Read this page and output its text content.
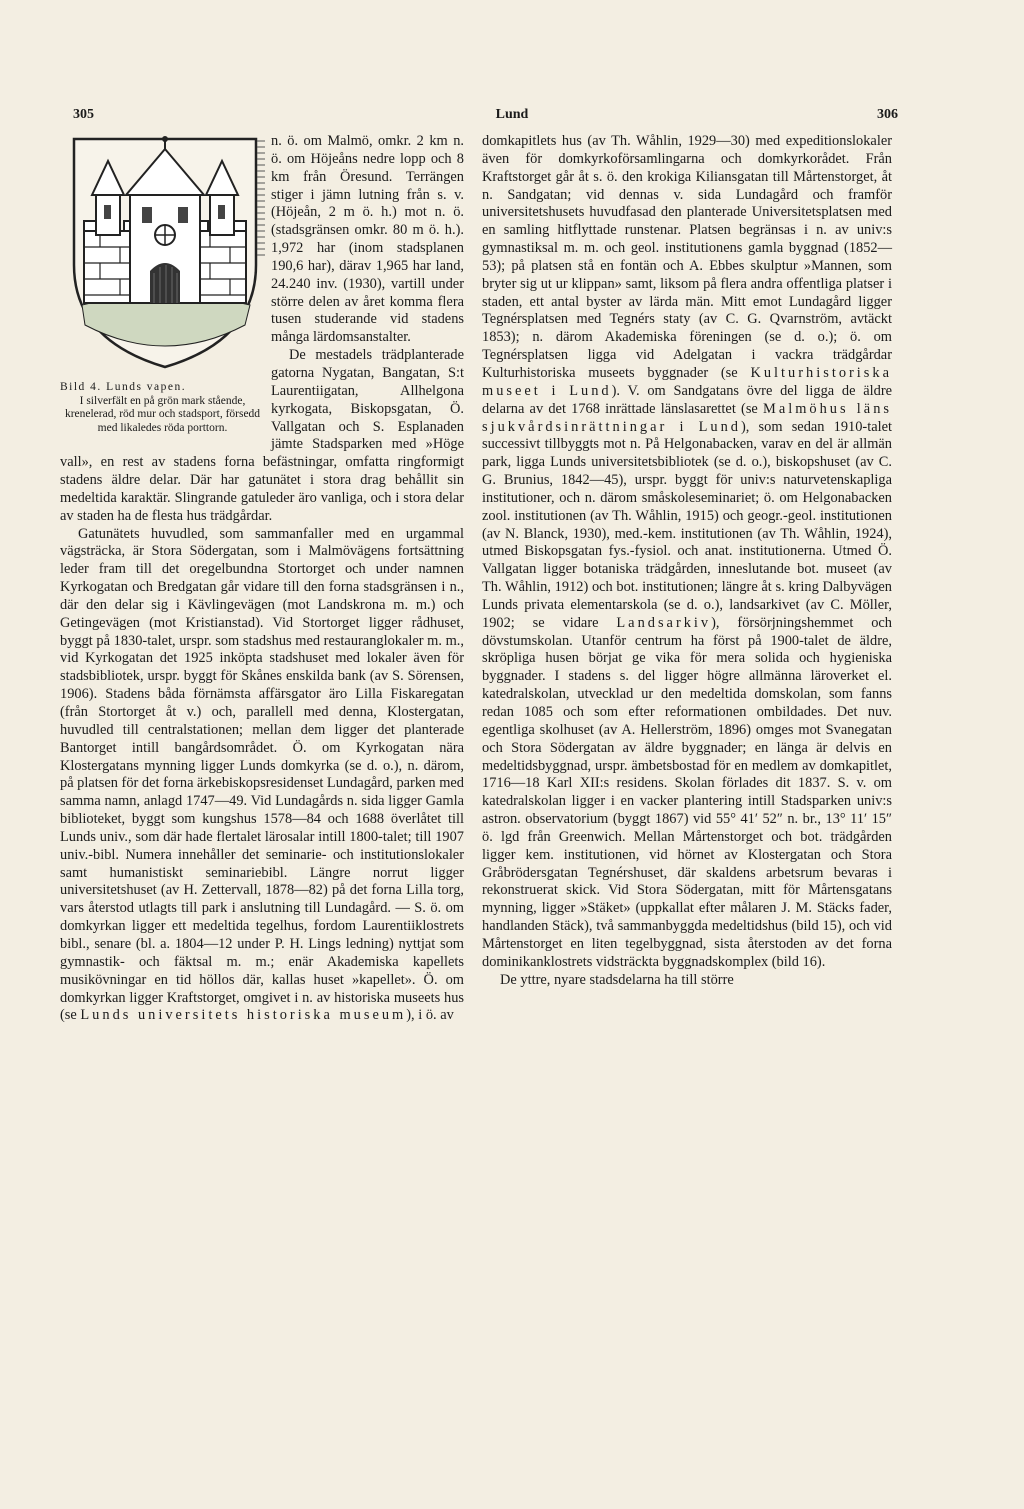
305	Lund	306
Bild 4. Lunds vapen.
I silverfält en på grön mark stående, krenelerad, röd mur och stadsport, försedd med likaledes röda porttorn.

n. ö. om Malmö, omkr. 2 km n. ö. om Höjeåns nedre lopp och 8 km från Öresund. Terrängen stiger i jämn lutning från s. v. (Höjeån, 2 m ö. h.) mot n. ö. (stadsgränsen omkr. 80 m ö. h.). 1,972 har (inom stadsplanen 190,6 har), därav 1,965 har land, 24.240 inv. (1930), vartill under större delen av året komma flera tusen studerande vid stadens många lärdomsanstalter.

De mestadels trädplanterade gatorna Nygatan, Bangatan, S:t Laurentiigatan, Allhelgona kyrkogata, Biskopsgatan, Ö. Vallgatan och S. Esplanaden jämte Stadsparken med »Höge vall», en rest av stadens forna befästningar, omfatta ringformigt stadens äldre delar. Där har gatunätet i stora drag behållit sin medeltida karaktär. Slingrande gatuleder äro vanliga, och i stora delar av staden ha de flesta hus trädgårdar.

Gatunätets huvudled, som sammanfaller med en urgammal vägsträcka, är Stora Södergatan, som i Malmövägens fortsättning leder fram till det oregelbundna Stortorget och under namnen Kyrkogatan och Bredgatan går vidare till den forna stadsgränsen i n., där den delar sig i Kävlingevägen (mot Landskrona m. m.) och Getingevägen (mot Kristianstad). Vid Stortorget ligger rådhuset, byggt på 1830-talet, urspr. som stadshus med restauranglokaler m. m., vid Kyrkogatan det 1925 inköpta stadshuset med lokaler även för stadsbibliotek, urspr. byggt för Skånes enskilda bank (av S. Sörensen, 1906). Stadens båda förnämsta affärsgator äro Lilla Fiskaregatan (från Stortorget åt v.) och, parallell med denna, Klostergatan, huvudled till centralstationen; mellan dem ligger det planterade Bantorget intill bangårdsområdet. Ö. om Kyrkogatan nära Klostergatans mynning ligger Lunds domkyrka (se d. o.), n. därom, på platsen för det forna ärkebiskopsresidenset Lundagård, parken med samma namn, anlagd 1747—49. Vid Lundagårds n. sida ligger Gamla biblioteket, byggt som kungshus 1578—84 och 1688 överlåtet till Lunds univ., som där hade flertalet lärosalar intill 1800-talet; till 1907 univ.-bibl. Numera innehåller det seminarie- och institutionslokaler samt humanistiskt seminariebibl. Längre norrut ligger universitetshuset (av H. Zettervall, 1878—82) på det forna Lilla torg, vars återstod utlagts till park i anslutning till Lundagård. — S. ö. om domkyrkan ligger ett medeltida tegelhus, fordom Laurentiiklostrets bibl., senare (bl. a. 1804—12 under P. H. Lings ledning) nyttjat som gymnastik- och fäktsal m. m.; enär Akademiska kapellets musikövningar en tid höllos där, kallas huset »kapellet». Ö. om domkyrkan ligger Kraftstorget, omgivet i n. av historiska museets hus (se Lunds universitets historiska museum), i ö. av

domkapitlets hus (av Th. Wåhlin, 1929—30) med expeditionslokaler även för domkyrkoförsamlingarna och domkyrkorådet. Från Kraftstorget går åt s. ö. den krokiga Kiliansgatan till Mårtenstorget, åt n. Sandgatan; vid dennas v. sida Lundagård och framför universitetshusets huvudfasad den planterade Universitetsplatsen med en samling hitflyttade runstenar. Platsen begränsas i n. av univ:s gymnastiksal m. m. och geol. institutionens gamla byggnad (1852—53); på platsen stå en fontän och A. Ebbes skulptur »Mannen, som bryter sig ut ur klippan» samt, liksom på flera andra offentliga platser i staden, ett antal byster av lärda män. Mitt emot Lundagård ligger Tegnérsplatsen med Tegnérs staty (av C. G. Qvarnström, avtäckt 1853); n. därom Akademiska föreningen (se d. o.); ö. om Tegnérsplatsen ligga vid Adelgatan i vackra trädgårdar Kulturhistoriska museets byggnader (se Kulturhistoriska museet i Lund). V. om Sandgatans övre del ligga de äldre delarna av det 1768 inrättade länslasarettet (se Malmöhus läns sjukvårdsinrättningar i Lund), som sedan 1910-talet successivt tillbyggts mot n. På Helgonabacken, varav en del är allmän park, ligga Lunds universitetsbibliotek (se d. o.), biskopshuset (av C. G. Brunius, 1842—45), urspr. byggt för univ:s naturvetenskapliga institutioner, och n. därom småskoleseminariet; ö. om Helgonabacken zool. institutionen (av Th. Wåhlin, 1915) och geogr.-geol. institutionen (av N. Blanck, 1930), med.-kem. institutionen (av Th. Wåhlin, 1924), utmed Biskopsgatan fys.-fysiol. och anat. institutionerna. Utmed Ö. Vallgatan ligger botaniska trädgården, inneslutande bot. museet (av Th. Wåhlin, 1912) och bot. institutionen; längre åt s. kring Dalbyvägen Lunds privata elementarskola (se d. o.), landsarkivet (av C. Möller, 1902; se vidare Landsarkiv), försörjningshemmet och dövstumskolan. Utanför centrum ha först på 1900-talet de äldre, skröpliga husen börjat ge vika för mera solida och hygieniska byggnader. I stadens s. del ligger högre allmänna läroverket el. katedralskolan, utvecklad ur den medeltida domskolan, som fanns redan 1085 och som efter reformationen ombildades. Det nuv. egentliga skolhuset (av A. Hellerström, 1896) omges mot Svanegatan och Stora Södergatan av äldre byggnader; en länga är delvis en medeltidsbyggnad, urspr. ämbetsbostad för en medlem av domkapitlet, 1716—18 Karl XII:s residens. Skolan förlades dit 1837. S. v. om katedralskolan ligger i en vacker plantering intill Stadsparken univ:s astron. observatorium (byggt 1867) vid 55° 41′ 52″ n. br., 13° 11′ 15″ ö. lgd från Greenwich. Mellan Mårtenstorget och bot. trädgården ligger kem. institutionen, vid hörnet av Klostergatan och Stora Gråbrödersgatan Tegnérshuset, där skaldens arbetsrum bevaras i rekonstruerat skick. Vid Stora Södergatan, mitt för Mårtensgatans mynning, ligger »Stäket» (uppkallat efter målaren J. M. Stäcks fader, handlanden Stäck), två sammanbyggda medeltidshus (bild 15), och vid Mårtenstorget en liten tegelbyggnad, sista återstoden av det forna dominikanklostrets vidsträckta byggnadskomplex (bild 16).

De yttre, nyare stadsdelarna ha till större
